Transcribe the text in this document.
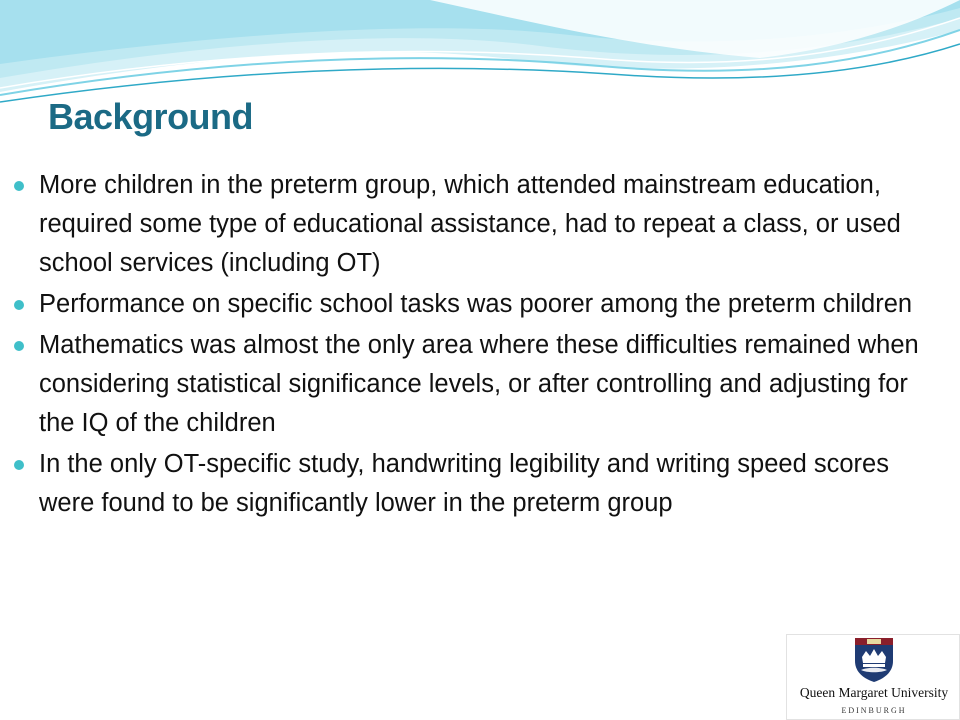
Background
More children in the preterm group, which attended mainstream education, required some type of educational assistance, had to repeat a class, or used school services (including OT)
Performance on specific school tasks was poorer among the preterm children
Mathematics was almost the only area where these difficulties remained when considering statistical significance levels, or after controlling and adjusting for the IQ of the children
In the only OT-specific study, handwriting legibility and writing speed scores were found to be significantly lower in the preterm group
Queen Margaret University
EDINBURGH
